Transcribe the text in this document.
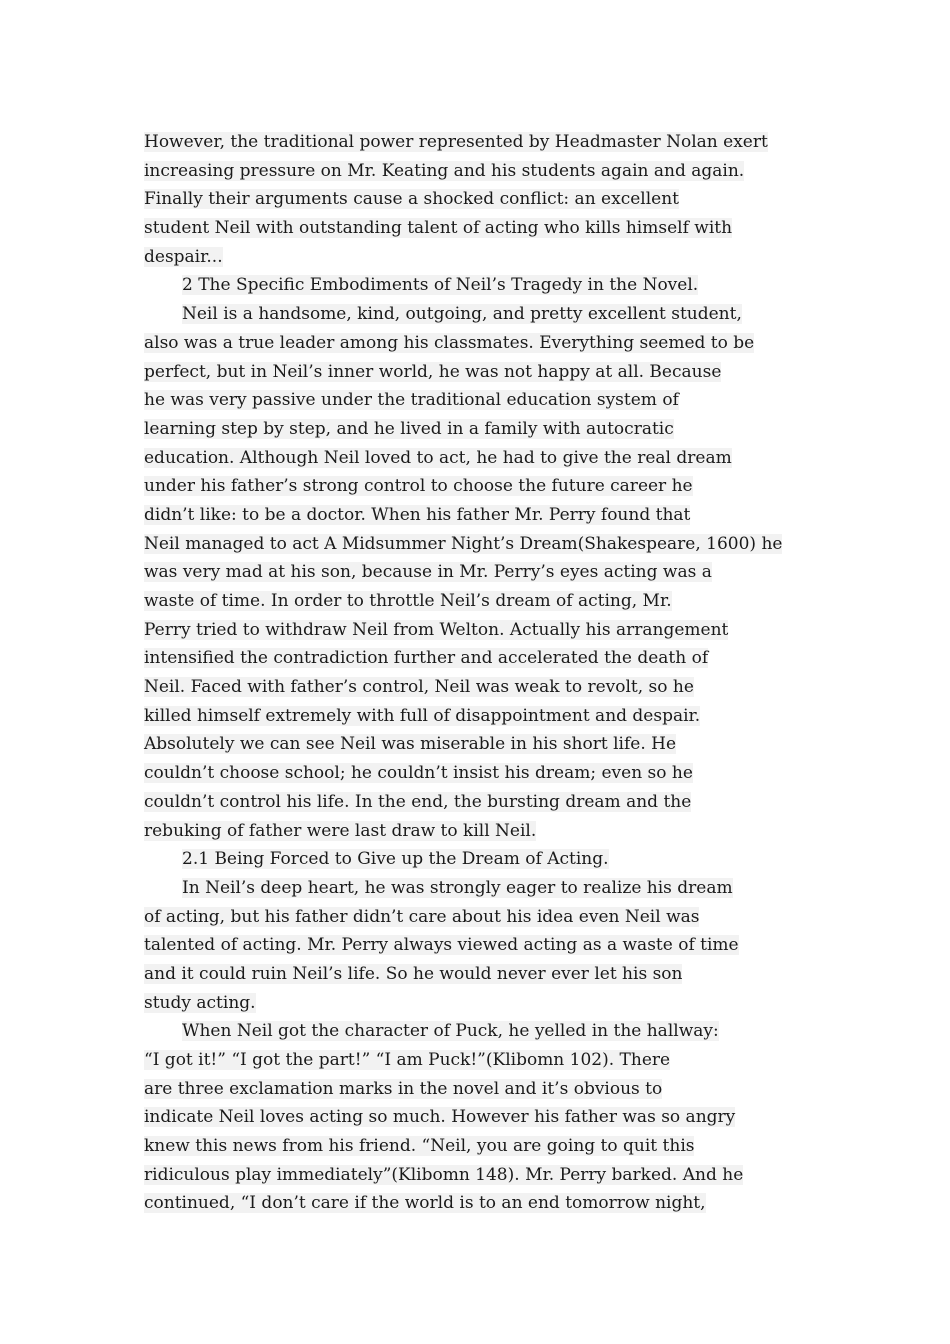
However, the traditional power represented by Headmaster Nolan exert
increasing pressure on Mr. Keating and his students again and again.
Finally their arguments cause a shocked conflict: an excellent
student Neil with outstanding talent of acting who kills himself with
despair...
2 The Specific Embodiments of Neil’s Tragedy in the Novel.
Neil is a handsome, kind, outgoing, and pretty excellent student,
also was a true leader among his classmates. Everything seemed to be
perfect, but in Neil’s inner world, he was not happy at all. Because
he was very passive under the traditional education system of
learning step by step, and he lived in a family with autocratic
education. Although Neil loved to act, he had to give the real dream
under his father’s strong control to choose the future career he
didn’t like: to be a doctor. When his father Mr. Perry found that
Neil managed to act A Midsummer Night’s Dream(Shakespeare, 1600) he
was very mad at his son, because in Mr. Perry’s eyes acting was a
waste of time. In order to throttle Neil’s dream of acting, Mr.
Perry tried to withdraw Neil from Welton. Actually his arrangement
intensified the contradiction further and accelerated the death of
Neil. Faced with father’s control, Neil was weak to revolt, so he
killed himself extremely with full of disappointment and despair.
Absolutely we can see Neil was miserable in his short life. He
couldn’t choose school; he couldn’t insist his dream; even so he
couldn’t control his life. In the end, the bursting dream and the
rebuking of father were last draw to kill Neil.
2.1 Being Forced to Give up the Dream of Acting.
In Neil’s deep heart, he was strongly eager to realize his dream
of acting, but his father didn’t care about his idea even Neil was
talented of acting. Mr. Perry always viewed acting as a waste of time
and it could ruin Neil’s life. So he would never ever let his son
study acting.
When Neil got the character of Puck, he yelled in the hallway:
“I got it!” “I got the part!” “I am Puck!”(Klibomn 102). There
are three exclamation marks in the novel and it’s obvious to
indicate Neil loves acting so much. However his father was so angry
knew this news from his friend. “Neil, you are going to quit this
ridiculous play immediately”(Klibomn 148). Mr. Perry barked. And he
continued, “I don’t care if the world is to an end tomorrow night,
